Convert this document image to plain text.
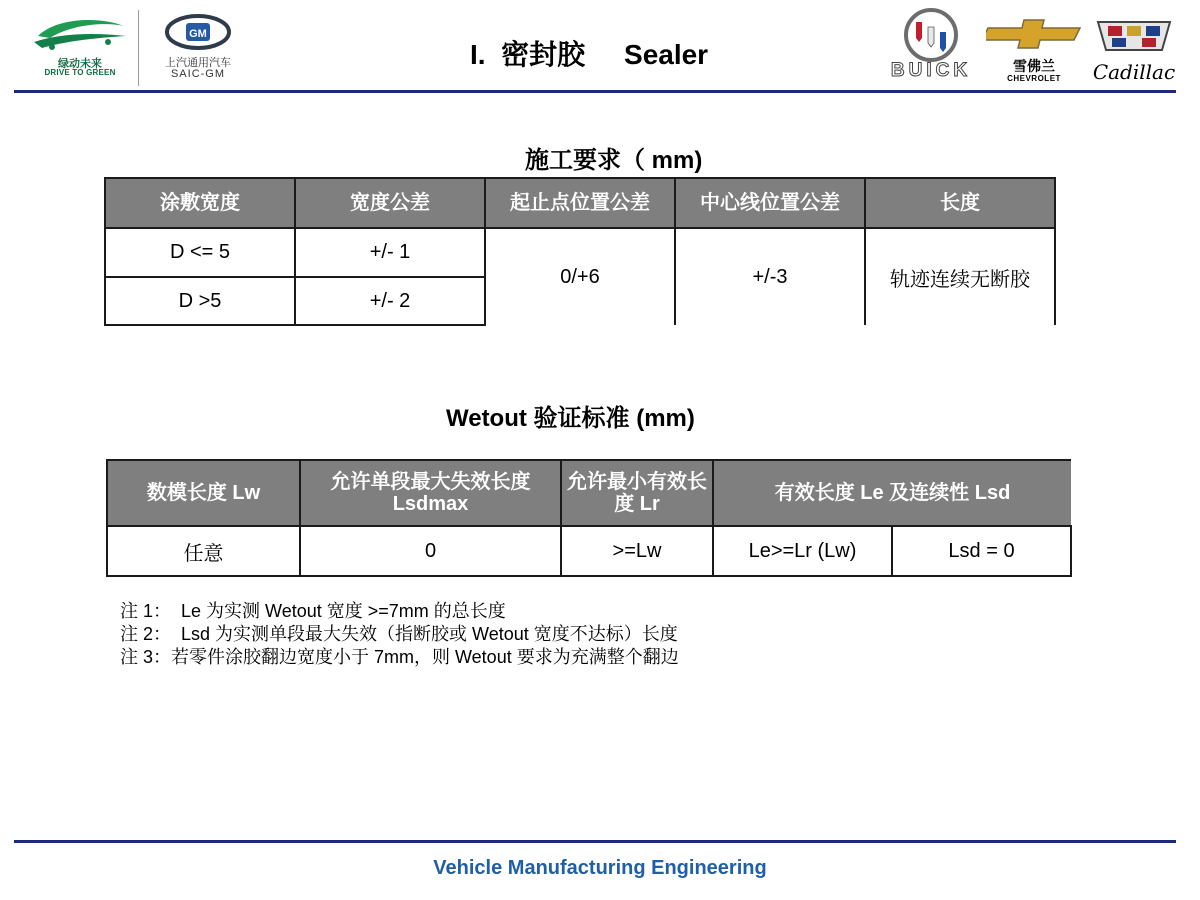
绿动未来
DRIVE TO GREEN
GM
上汽通用汽车
SAIC-GM
I.  密封胶     Sealer
BUICK	雪佛兰
CHEVROLET	Cadillac
施工要求（ mm)
涂敷宽度	宽度公差	起止点位置公差	中心线位置公差	长度
D <= 5	+/- 1	0/+6	+/-3	轨迹连续无断胶
D >5	+/- 2			
Wetout 验证标准 (mm)
数模长度 Lw	允许单段最大失效长度 Lsdmax	允许最小有效长度 Lr	有效长度 Le 及连续性 Lsd	
任意	0	>=Lw	Le>=Lr (Lw)	Lsd = 0
注 1：  Le 为实测 Wetout 宽度 >=7mm 的总长度
注 2：  Lsd 为实测单段最大失效（指断胶或 Wetout 宽度不达标）长度
注 3：若零件涂胶翻边宽度小于 7mm，则 Wetout 要求为充满整个翻边
Vehicle Manufacturing Engineering
